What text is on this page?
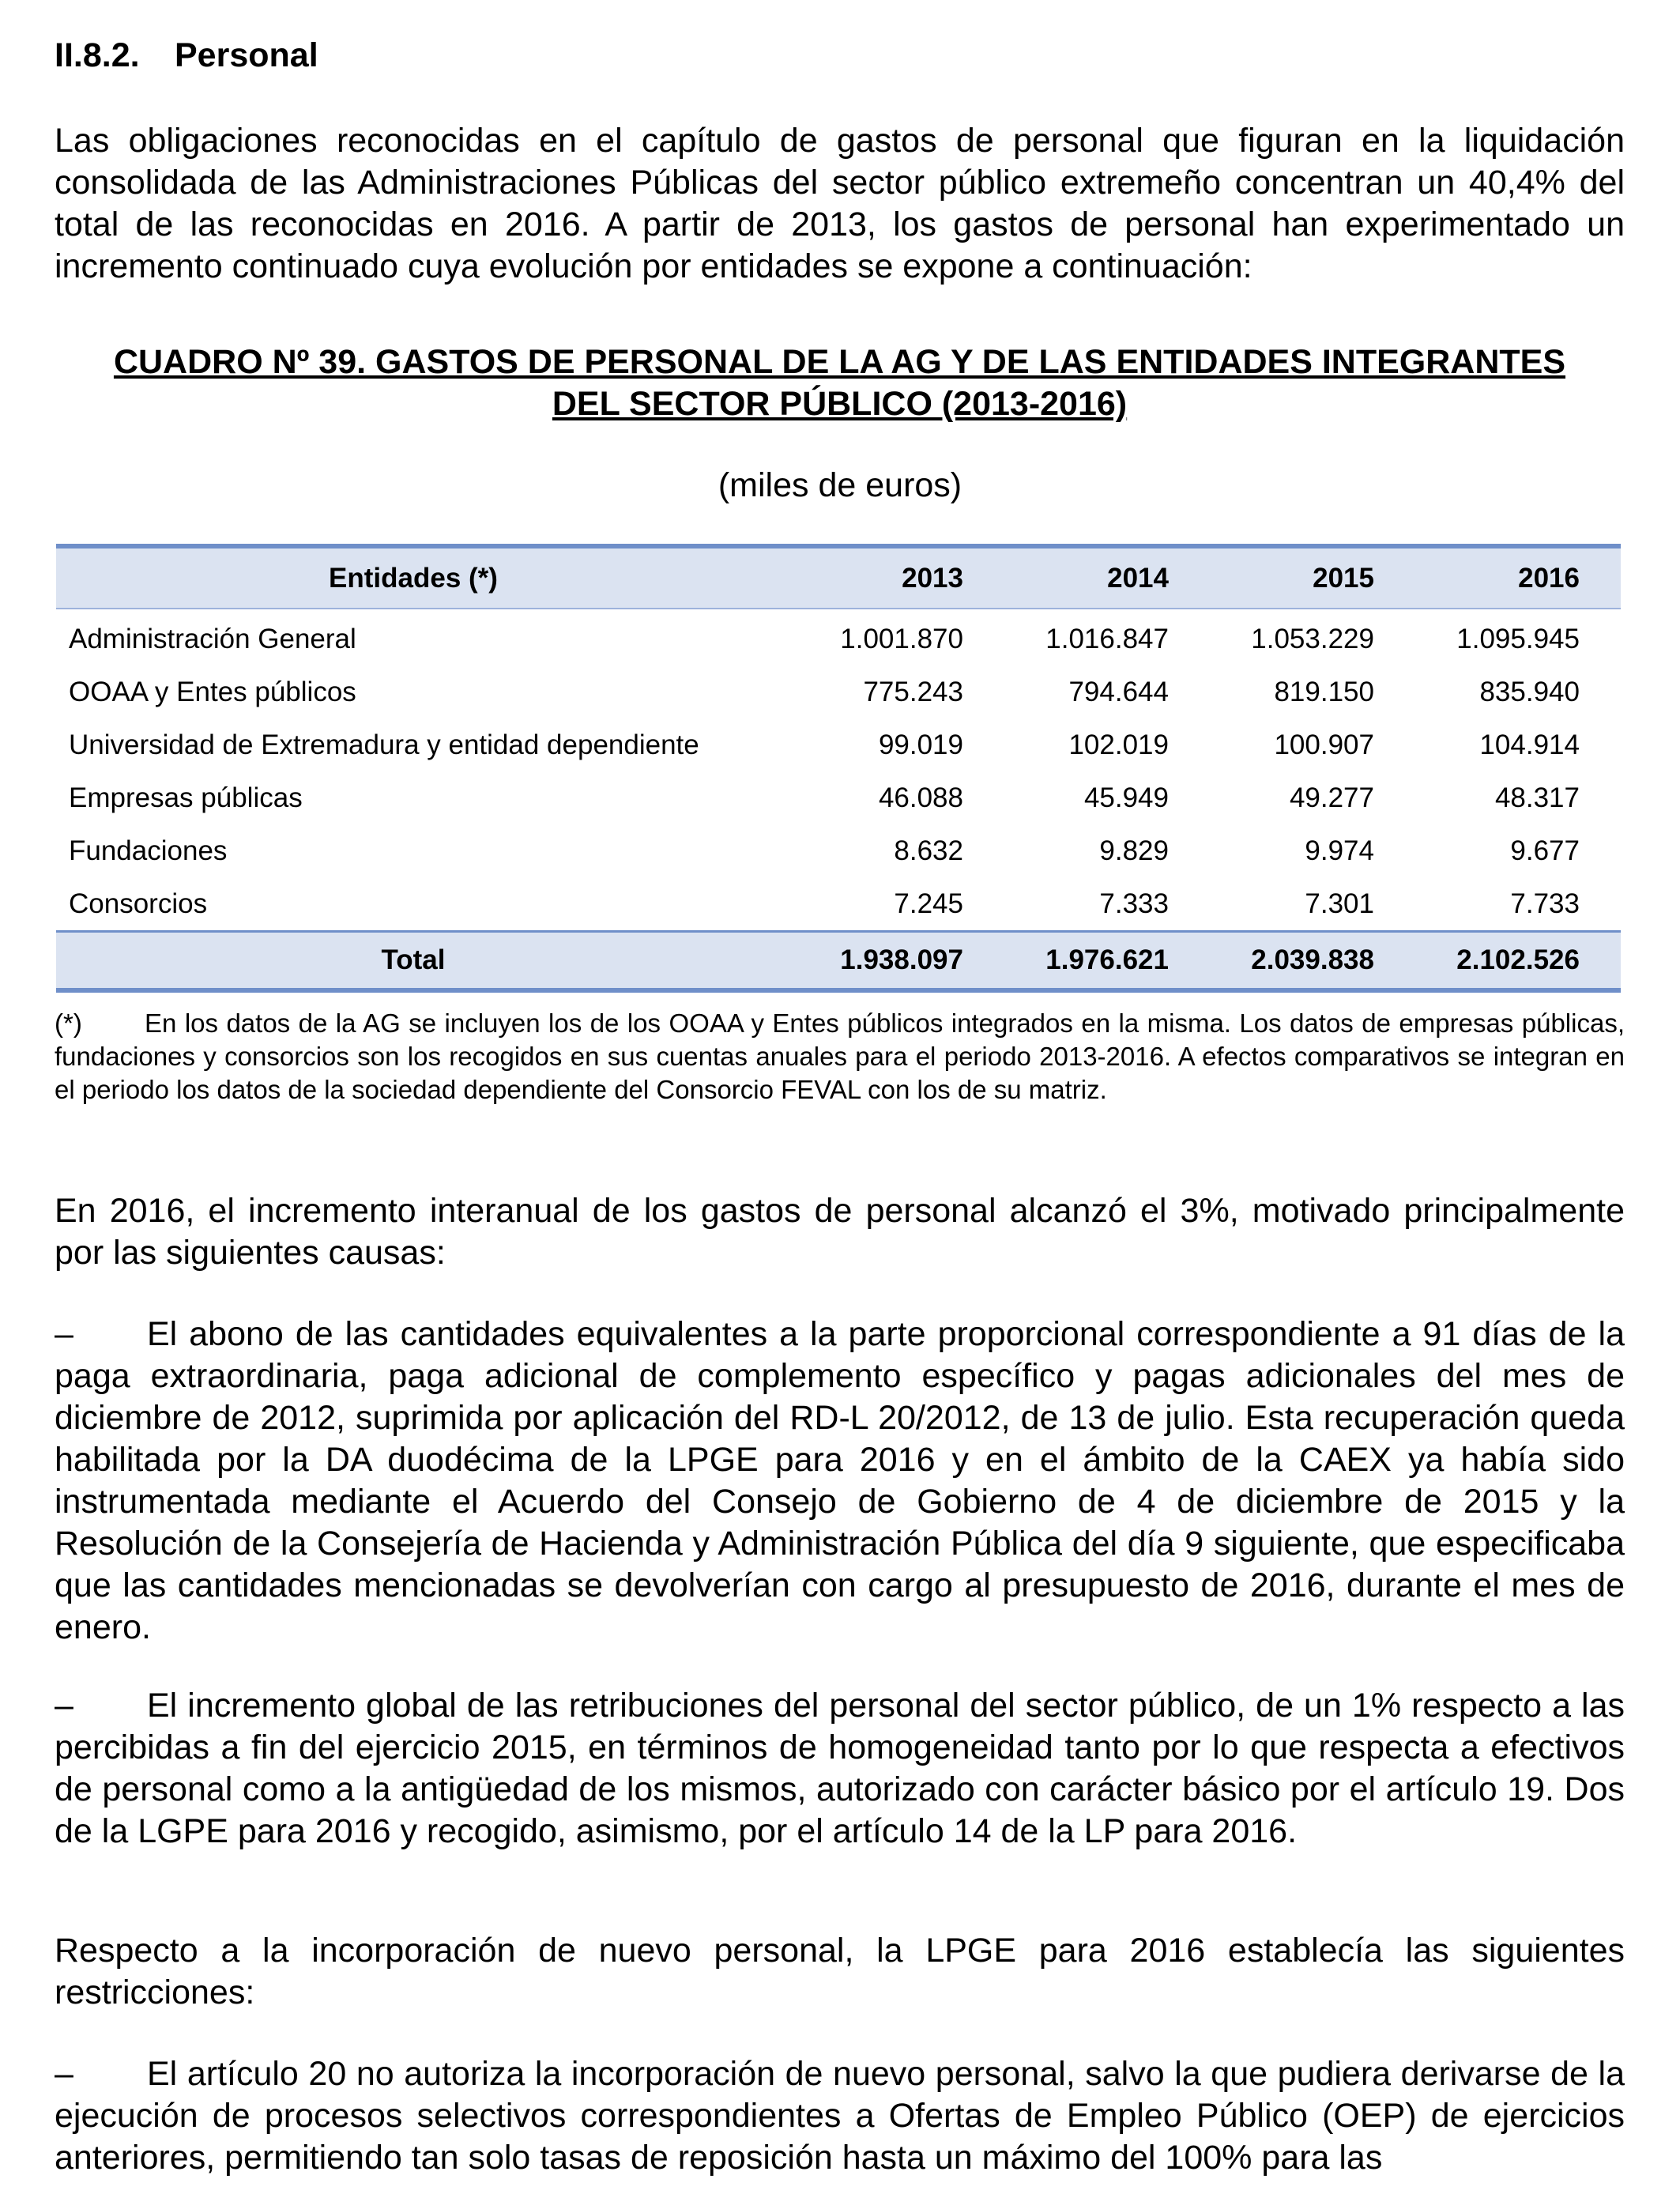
II.8.2. Personal

Las obligaciones reconocidas en el capítulo de gastos de personal que figuran en la liquidación consolidada de las Administraciones Públicas del sector público extremeño concentran un 40,4% del total de las reconocidas en 2016. A partir de 2013, los gastos de personal han experimentado un incremento continuado cuya evolución por entidades se expone a continuación:

CUADRO Nº 39. GASTOS DE PERSONAL DE LA AG Y DE LAS ENTIDADES INTEGRANTES
DEL SECTOR PÚBLICO (2013-2016)

(miles de euros)

Entidades (*)	2013	2014	2015	2016
Administración General	1.001.870	1.016.847	1.053.229	1.095.945
OOAA y Entes públicos	775.243	794.644	819.150	835.940
Universidad de Extremadura y entidad dependiente	99.019	102.019	100.907	104.914
Empresas públicas	46.088	45.949	49.277	48.317
Fundaciones	8.632	9.829	9.974	9.677
Consorcios	7.245	7.333	7.301	7.733
Total	1.938.097	1.976.621	2.039.838	2.102.526

(*) En los datos de la AG se incluyen los de los OOAA y Entes públicos integrados en la misma. Los datos de empresas públicas, fundaciones y consorcios son los recogidos en sus cuentas anuales para el periodo 2013-2016. A efectos comparativos se integran en el periodo los datos de la sociedad dependiente del Consorcio FEVAL con los de su matriz.

En 2016, el incremento interanual de los gastos de personal alcanzó el 3%, motivado principalmente por las siguientes causas:

– El abono de las cantidades equivalentes a la parte proporcional correspondiente a 91 días de la paga extraordinaria, paga adicional de complemento específico y pagas adicionales del mes de diciembre de 2012, suprimida por aplicación del RD-L 20/2012, de 13 de julio. Esta recuperación queda habilitada por la DA duodécima de la LPGE para 2016 y en el ámbito de la CAEX ya había sido instrumentada mediante el Acuerdo del Consejo de Gobierno de 4 de diciembre de 2015 y la Resolución de la Consejería de Hacienda y Administración Pública del día 9 siguiente, que especificaba que las cantidades mencionadas se devolverían con cargo al presupuesto de 2016, durante el mes de enero.

– El incremento global de las retribuciones del personal del sector público, de un 1% respecto a las percibidas a fin del ejercicio 2015, en términos de homogeneidad tanto por lo que respecta a efectivos de personal como a la antigüedad de los mismos, autorizado con carácter básico por el artículo 19. Dos de la LGPE para 2016 y recogido, asimismo, por el artículo 14 de la LP para 2016.

Respecto a la incorporación de nuevo personal, la LPGE para 2016 establecía las siguientes restricciones:

– El artículo 20 no autoriza la incorporación de nuevo personal, salvo la que pudiera derivarse de la ejecución de procesos selectivos correspondientes a Ofertas de Empleo Público (OEP) de ejercicios anteriores, permitiendo tan solo tasas de reposición hasta un máximo del 100% para las
